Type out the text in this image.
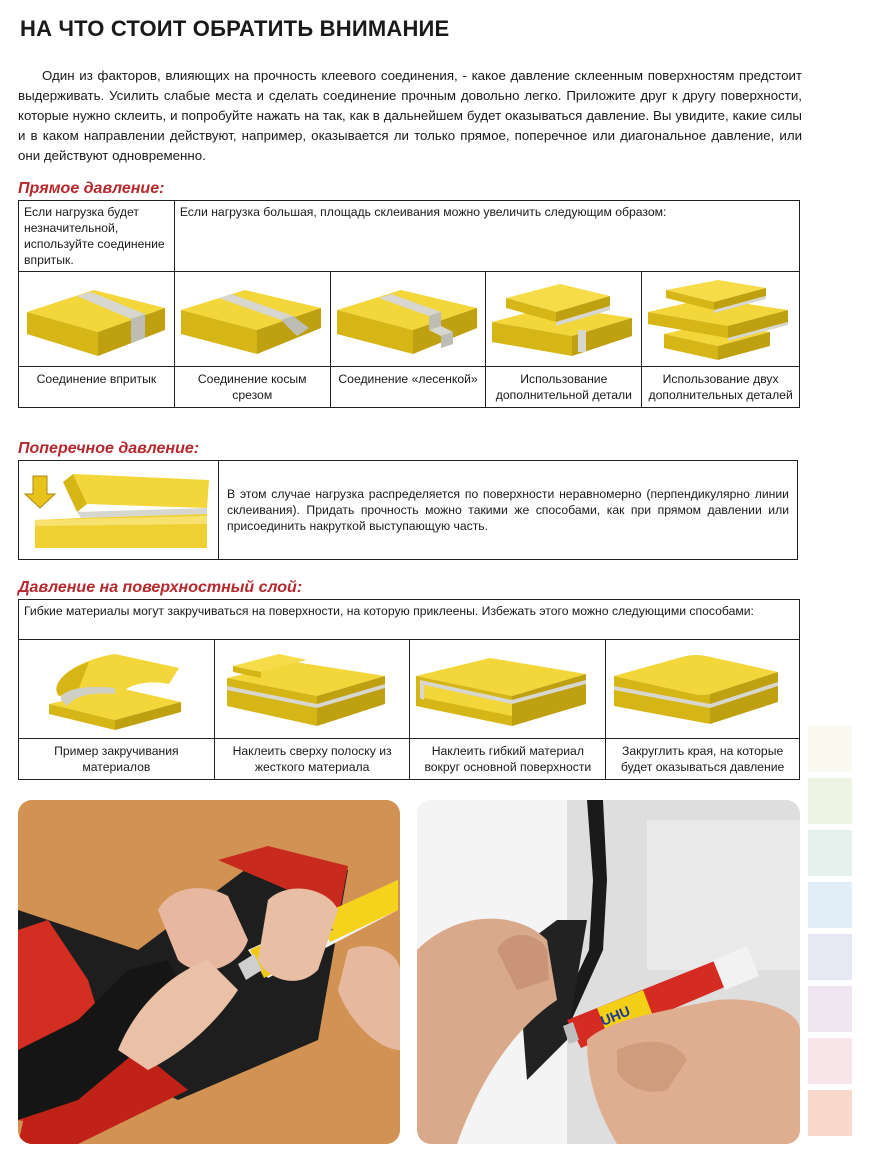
НА ЧТО СТОИТ ОБРАТИТЬ ВНИМАНИЕ
Один из факторов, влияющих на прочность клеевого соединения, - какое давление склеенным поверхностям предстоит выдерживать. Усилить слабые места и сделать соединение прочным довольно легко. Приложите друг к другу поверхности, которые нужно склеить, и попробуйте нажать на так, как в дальнейшем будет оказываться давление. Вы увидите, какие силы и в каком направлении действуют, например, оказывается ли только прямое, поперечное или диагональное давление, или они действуют одновременно.
Прямое давление:
Если нагрузка будет незначительной, используйте соединение впритык.	Если нагрузка большая, площадь склеивания можно увеличить следующим образом:			

Соединение впритык	Соединение косым срезом	Соединение «лесенкой»	Использование дополнительной детали	Использование двух дополнительных деталей
Поперечное давление:
	В этом случае нагрузка распределяется по поверхности неравномерно (перпендикулярно линии склеивания). Придать прочность можно такими же способами, как при прямом давлении или присоединить накруткой выступающую часть.
Давление на поверхностный слой:
Гибкие материалы могут закручиваться на поверхности, на которую приклеены. Избежать этого можно следующими способами:			

Пример закручивания материалов	Наклеить сверху полоску из жесткого материала	Наклеить гибкий материал вокруг основной поверхности	Закруглить края, на которые будет оказываться давление
UHU
